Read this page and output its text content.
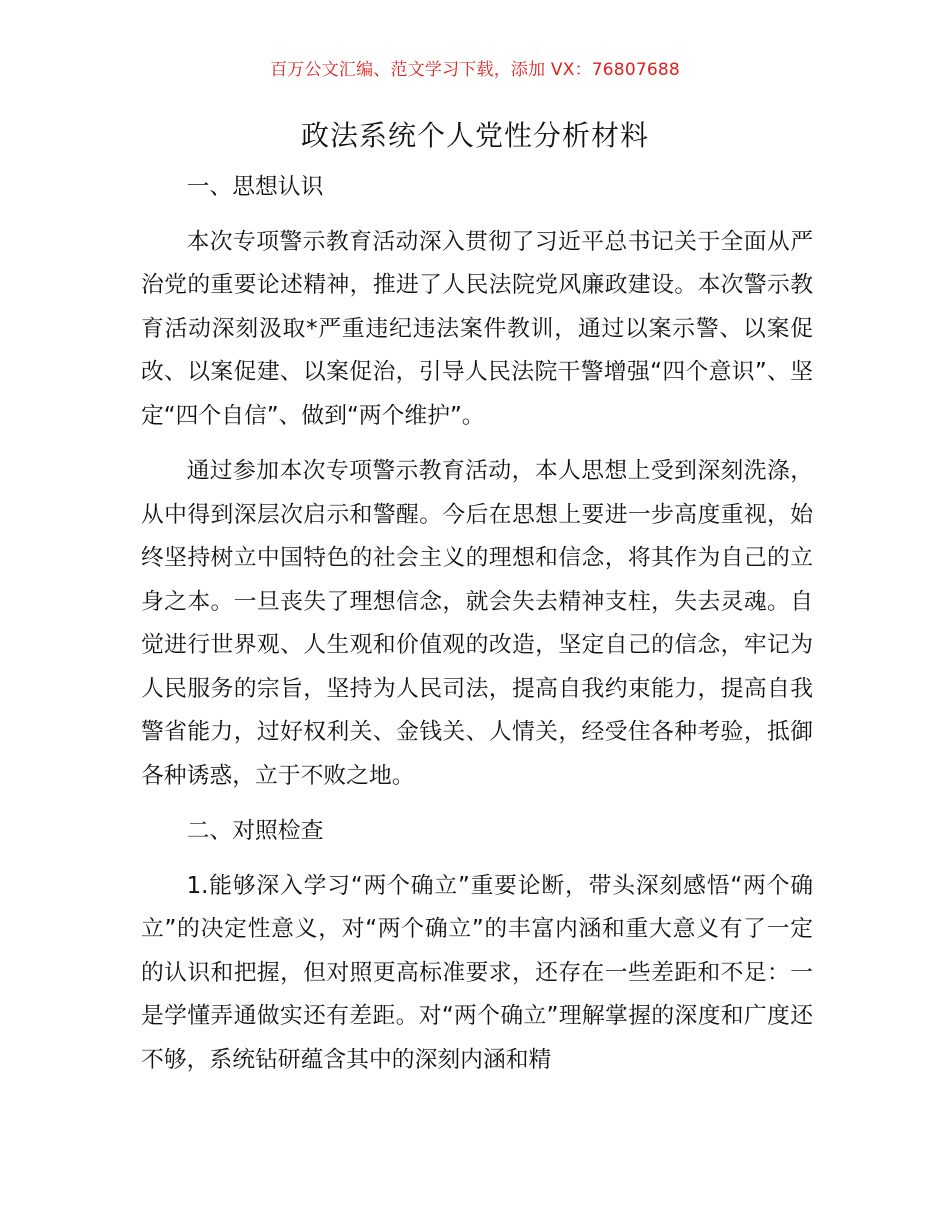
百万公文汇编、范文学习下载，添加 VX：76807688
政法系统个人党性分析材料

一、思想认识

本次专项警示教育活动深入贯彻了习近平总书记关于全面从严治党的重要论述精神，推进了人民法院党风廉政建设。本次警示教育活动深刻汲取*严重违纪违法案件教训，通过以案示警、以案促改、以案促建、以案促治，引导人民法院干警增强“四个意识”、坚定“四个自信”、做到“两个维护”。

通过参加本次专项警示教育活动，本人思想上受到深刻洗涤，从中得到深层次启示和警醒。今后在思想上要进一步高度重视，始终坚持树立中国特色的社会主义的理想和信念，将其作为自己的立身之本。一旦丧失了理想信念，就会失去精神支柱，失去灵魂。自觉进行世界观、人生观和价值观的改造，坚定自己的信念，牢记为人民服务的宗旨，坚持为人民司法，提高自我约束能力，提高自我警省能力，过好权利关、金钱关、人情关，经受住各种考验，抵御各种诱惑，立于不败之地。

二、对照检查

1.能够深入学习“两个确立”重要论断，带头深刻感悟“两个确立”的决定性意义，对“两个确立”的丰富内涵和重大意义有了一定的认识和把握，但对照更高标准要求，还存在一些差距和不足：一是学懂弄通做实还有差距。对“两个确立”理解掌握的深度和广度还不够，系统钻研蕴含其中的深刻内涵和精
